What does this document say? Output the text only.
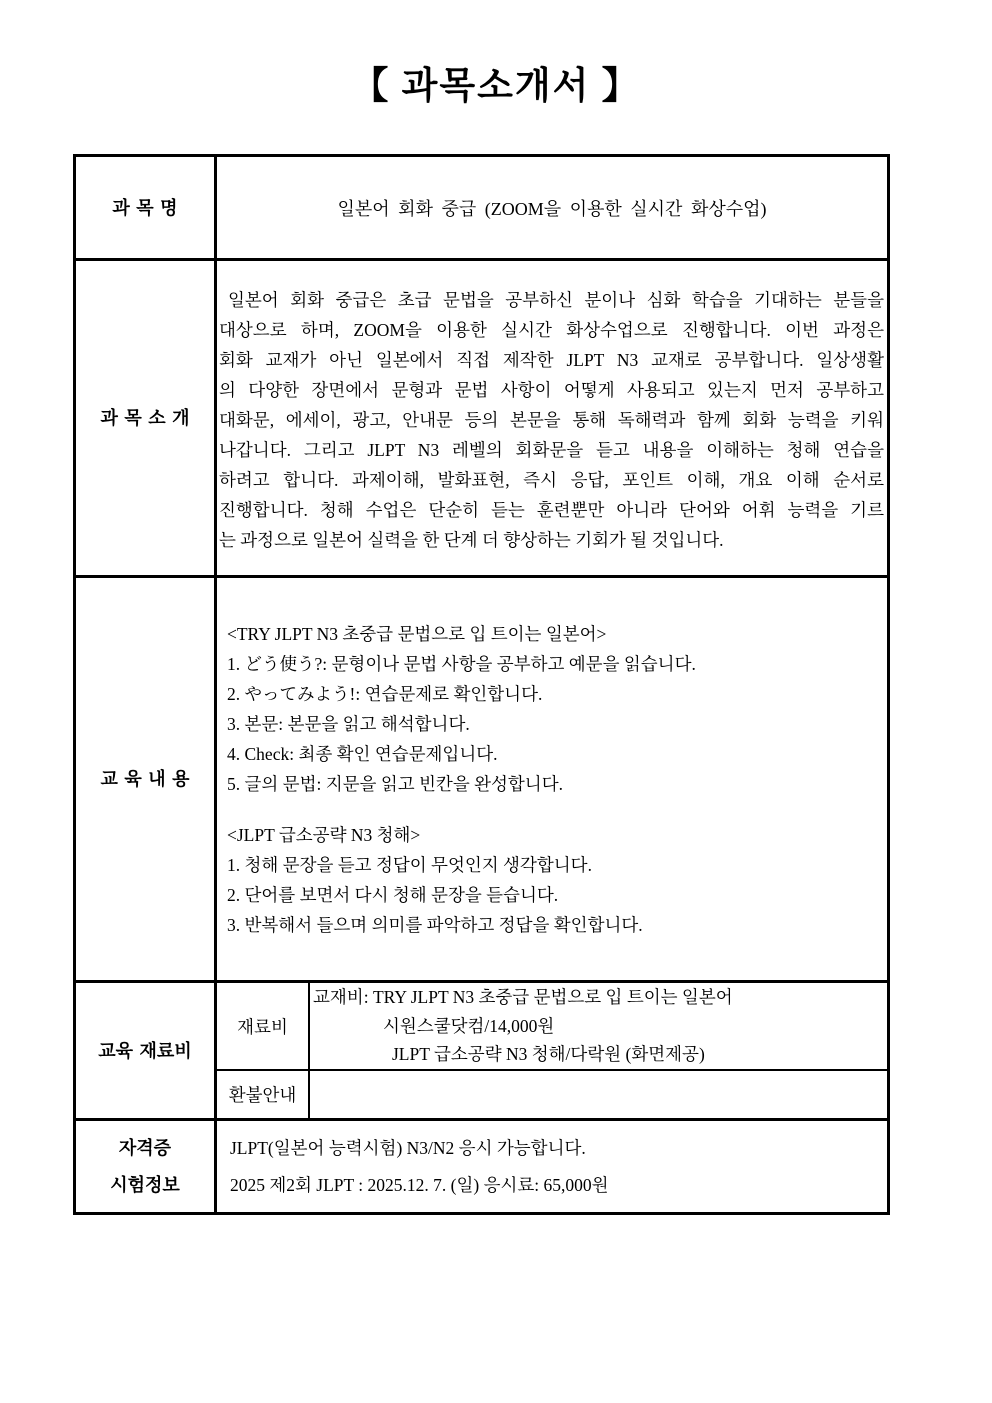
【 과목소개서 】
과 목 명	일본어 회화 중급 (ZOOM을 이용한 실시간 화상수업)
과 목 소 개
일본어 회화 중급은 초급 문법을 공부하신 분이나 심화 학습을 기대하는 분들을
대상으로 하며, ZOOM을 이용한 실시간 화상수업으로 진행합니다. 이번 과정은
회화 교재가 아닌 일본에서 직접 제작한 JLPT N3 교재로 공부합니다. 일상생활
의 다양한 장면에서 문형과 문법 사항이 어떻게 사용되고 있는지 먼저 공부하고
대화문, 에세이, 광고, 안내문 등의 본문을 통해 독해력과 함께 회화 능력을 키워
나갑니다. 그리고 JLPT N3 레벨의 회화문을 듣고 내용을 이해하는 청해 연습을
하려고 합니다. 과제이해, 발화표현, 즉시 응답, 포인트 이해, 개요 이해 순서로
진행합니다. 청해 수업은 단순히 듣는 훈련뿐만 아니라 단어와 어휘 능력을 기르
는 과정으로 일본어 실력을 한 단계 더 향상하는 기회가 될 것입니다.
교 육 내 용
<TRY JLPT N3 초중급 문법으로 입 트이는 일본어>
1. どう使う?: 문형이나 문법 사항을 공부하고 예문을 읽습니다.
2. やってみよう!: 연습문제로 확인합니다.
3. 본문: 본문을 읽고 해석합니다.
4. Check: 최종 확인 연습문제입니다.
5. 글의 문법: 지문을 읽고 빈칸을 완성합니다.
<JLPT 급소공략 N3 청해>
1. 청해 문장을 듣고 정답이 무엇인지 생각합니다.
2. 단어를 보면서 다시 청해 문장을 듣습니다.
3. 반복해서 들으며 의미를 파악하고 정답을 확인합니다.
교육 재료비
재료비
교재비: TRY JLPT N3 초중급 문법으로 입 트이는 일본어
시원스쿨닷컴/14,000원
JLPT 급소공략 N3 청해/다락원 (화면제공)
환불안내
자격증
시험정보
JLPT(일본어 능력시험) N3/N2 응시 가능합니다.
2025 제2회 JLPT : 2025.12. 7. (일) 응시료: 65,000원
